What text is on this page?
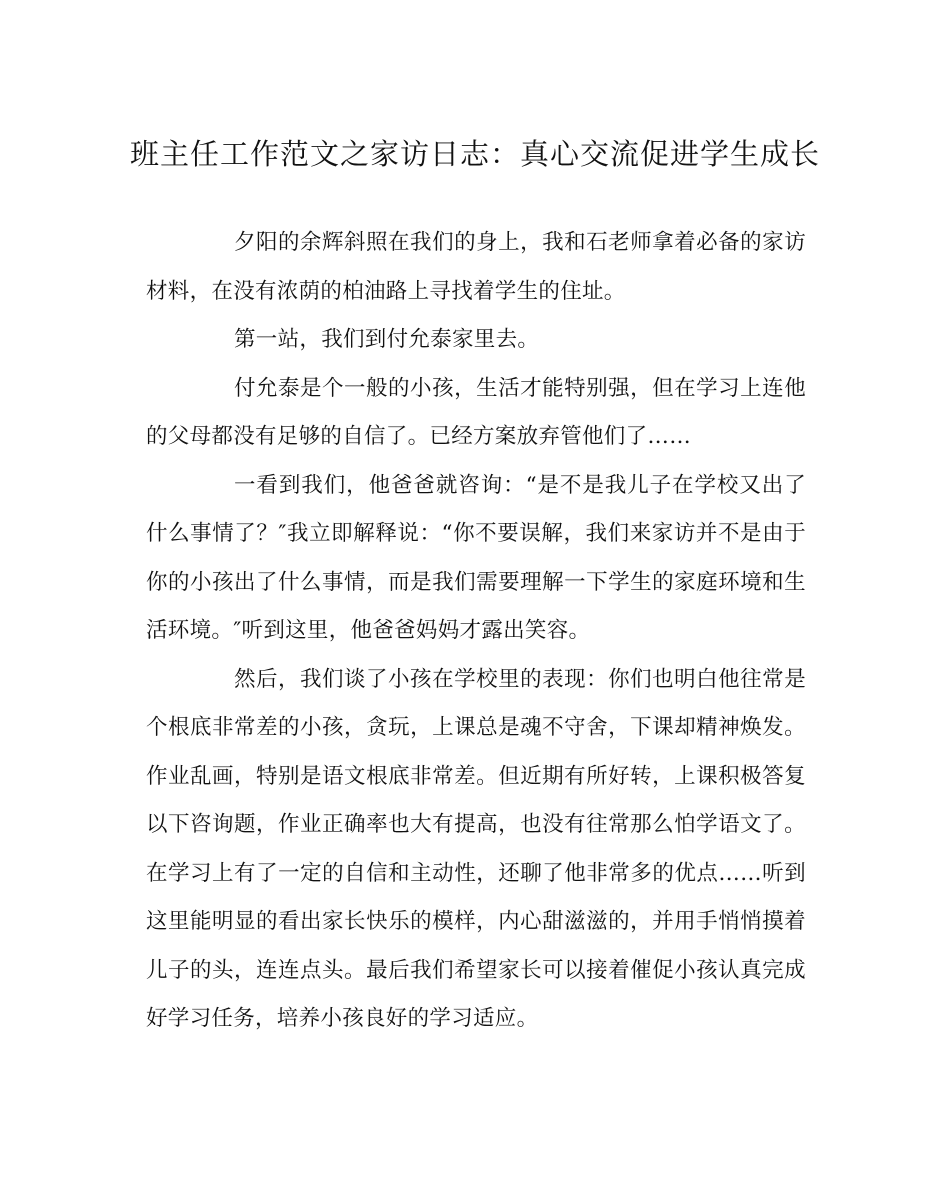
班主任工作范文之家访日志：真心交流促进学生成长

夕阳的余辉斜照在我们的身上，我和石老师拿着必备的家访材料，在没有浓荫的柏油路上寻找着学生的住址。

第一站，我们到付允泰家里去。

付允泰是个一般的小孩，生活才能特别强，但在学习上连他的父母都没有足够的自信了。已经方案放弃管他们了……

一看到我们，他爸爸就咨询：“是不是我儿子在学校又出了什么事情了？″我立即解释说：“你不要误解，我们来家访并不是由于你的小孩出了什么事情，而是我们需要理解一下学生的家庭环境和生活环境。″听到这里，他爸爸妈妈才露出笑容。

然后，我们谈了小孩在学校里的表现：你们也明白他往常是个根底非常差的小孩，贪玩，上课总是魂不守舍，下课却精神焕发。作业乱画，特别是语文根底非常差。但近期有所好转，上课积极答复以下咨询题，作业正确率也大有提高，也没有往常那么怕学语文了。在学习上有了一定的自信和主动性，还聊了他非常多的优点……听到这里能明显的看出家长快乐的模样，内心甜滋滋的，并用手悄悄摸着儿子的头，连连点头。最后我们希望家长可以接着催促小孩认真完成好学习任务，培养小孩良好的学习适应。
